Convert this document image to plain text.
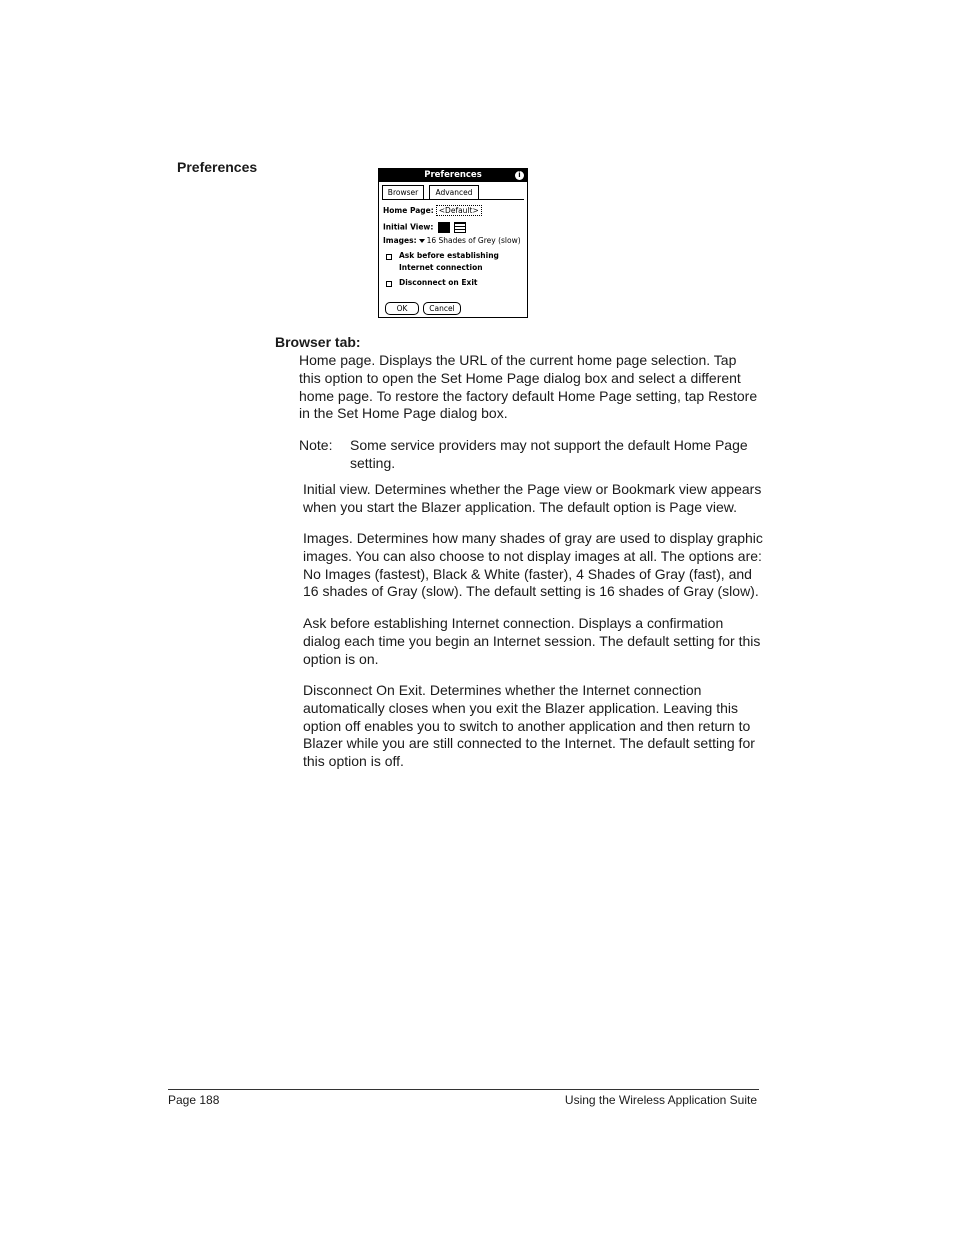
Preferences	Preferences	i
Browser	Advanced
Home Page: <Default>
Initial View:
Images: 16 Shades of Grey (slow)
Ask before establishing
Internet connection
Disconnect on Exit
OK	Cancel
Browser tab:

Home page. Displays the URL of the current home page selection. Tap this option to open the Set Home Page dialog box and select a different home page. To restore the factory default Home Page setting, tap Restore in the Set Home Page dialog box.

Note: Some service providers may not support the default Home Page setting.

Initial view. Determines whether the Page view or Bookmark view appears when you start the Blazer application. The default option is Page view.

Images. Determines how many shades of gray are used to display graphic images. You can also choose to not display images at all. The options are: No Images (fastest), Black & White (faster), 4 Shades of Gray (fast), and 16 shades of Gray (slow). The default setting is 16 shades of Gray (slow).

Ask before establishing Internet connection. Displays a confirmation dialog each time you begin an Internet session. The default setting for this option is on.

Disconnect On Exit. Determines whether the Internet connection automatically closes when you exit the Blazer application. Leaving this option off enables you to switch to another application and then return to Blazer while you are still connected to the Internet. The default setting for this option is off.

Page 188	Using the Wireless Application Suite
